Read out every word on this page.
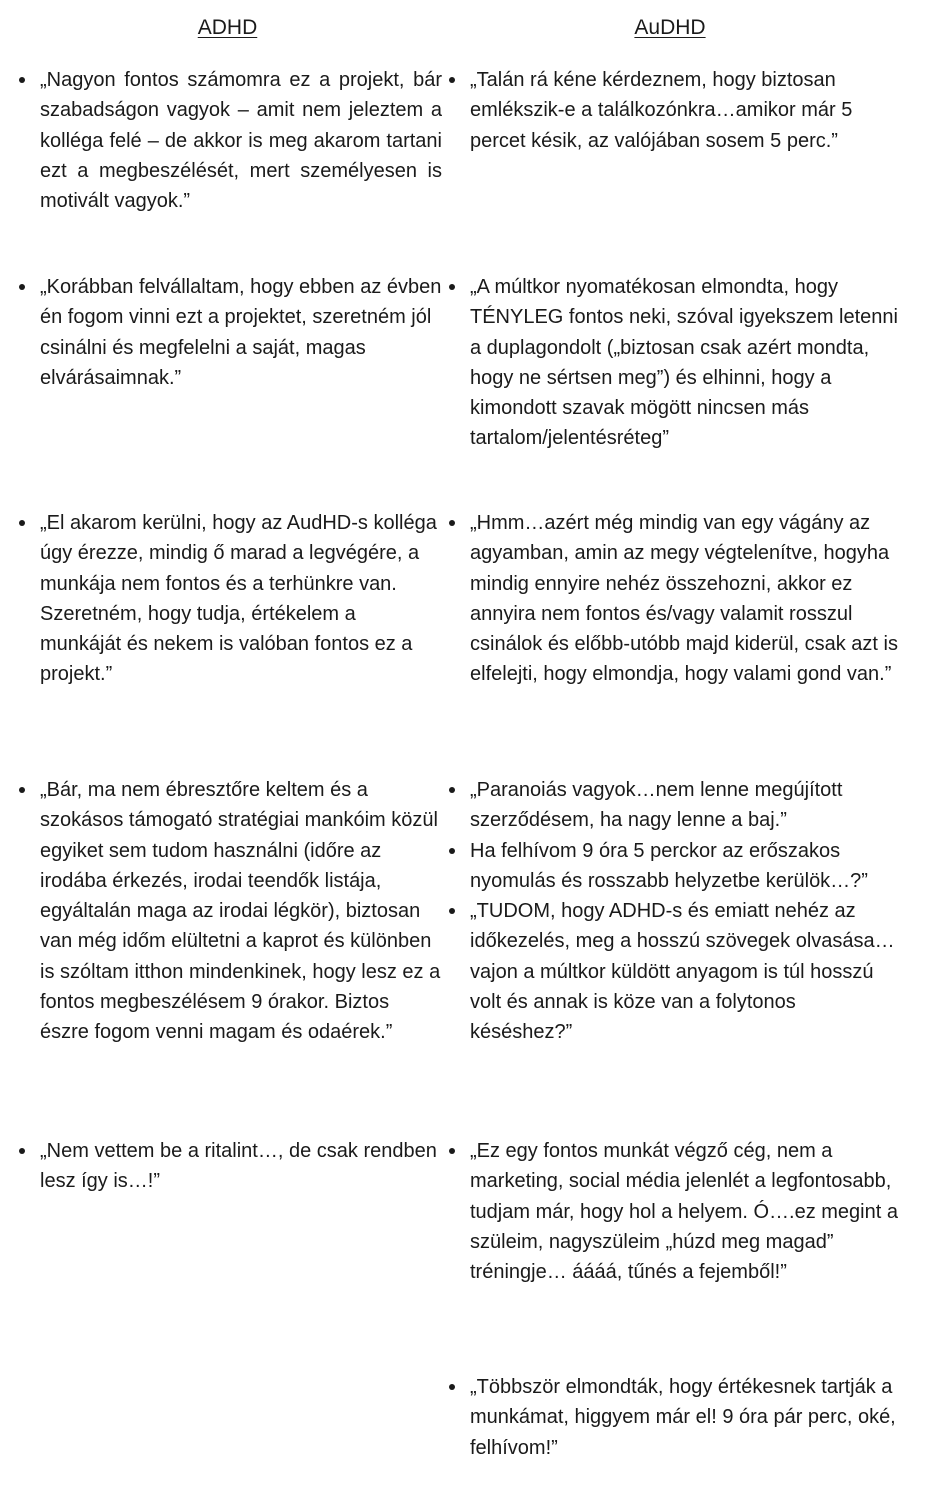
ADHD	AuDHD
„Nagyon fontos számomra ez a projekt, bár szabadságon vagyok – amit nem jeleztem a kolléga felé – de akkor is meg akarom tartani ezt a megbeszélését, mert személyesen is motivált vagyok.”
„Talán rá kéne kérdeznem, hogy biztosan emlékszik-e a találkozónkra…amikor már 5 percet késik, az valójában sosem 5 perc.”
„Korábban felvállaltam, hogy ebben az évben én fogom vinni ezt a projektet, szeretném jól csinálni és megfelelni a saját, magas elvárásaimnak.”
„A múltkor nyomatékosan elmondta, hogy TÉNYLEG fontos neki, szóval igyekszem letenni a duplagondolt („biztosan csak azért mondta, hogy ne sértsen meg”) és elhinni, hogy a kimondott szavak mögött nincsen más tartalom/jelentésréteg”
„El akarom kerülni, hogy az AudHD-s kolléga úgy érezze, mindig ő marad a legvégére, a munkája nem fontos és a terhünkre van. Szeretném, hogy tudja, értékelem a munkáját és nekem is valóban fontos ez a projekt.”
„Hmm…azért még mindig van egy vágány az agyamban, amin az megy végtelenítve, hogyha mindig ennyire nehéz összehozni, akkor ez annyira nem fontos és/vagy valamit rosszul csinálok és előbb-utóbb majd kiderül, csak azt is elfelejti, hogy elmondja, hogy valami gond van.”
„Bár, ma nem ébresztőre keltem és a szokásos támogató stratégiai mankóim közül egyiket sem tudom használni (időre az irodába érkezés, irodai teendők listája, egyáltalán maga az irodai légkör), biztosan van még időm elültetni a kaprot és különben is szóltam itthon mindenkinek, hogy lesz ez a fontos megbeszélésem 9 órakor. Biztos észre fogom venni magam és odaérek.”
„Paranoiás vagyok…nem lenne megújított szerződésem, ha nagy lenne a baj.”
Ha felhívom 9 óra 5 perckor az erőszakos nyomulás és rosszabb helyzetbe kerülök…?”
„TUDOM, hogy ADHD-s és emiatt nehéz az időkezelés, meg a hosszú szövegek olvasása…vajon a múltkor küldött anyagom is túl hosszú volt és annak is köze van a folytonos késéshez?”
„Nem vettem be a ritalint…, de csak rendben lesz így is…!”
„Ez egy fontos munkát végző cég, nem a marketing, social média jelenlét a legfontosabb, tudjam már, hogy hol a helyem. Ó….ez megint a szüleim, nagyszüleim „húzd meg magad” tréningje… áááá, tűnés a fejemből!”
„Többször elmondták, hogy értékesnek tartják a munkámat, higgyem már el! 9 óra pár perc, oké, felhívom!”
